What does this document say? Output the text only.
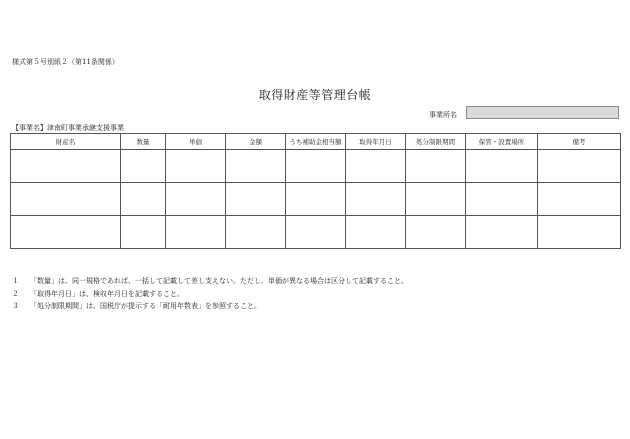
様式第５号別紙２（第11条関係）
取得財産等管理台帳
事業所名
【事業名】津南町事業承継支援事業
財産名	数量	単価	金額	うち補助金相当額	取得年月日	処分制限期間	保管・設置場所	備考

１ 「数量」は、同一規格であれば、一括して記載して差し支えない。ただし、単価が異なる場合は区分して記載すること。
２ 「取得年月日」は、検収年月日を記載すること。
３ 「処分制限期間」は、国税庁が提示する「耐用年数表」を参照すること。
